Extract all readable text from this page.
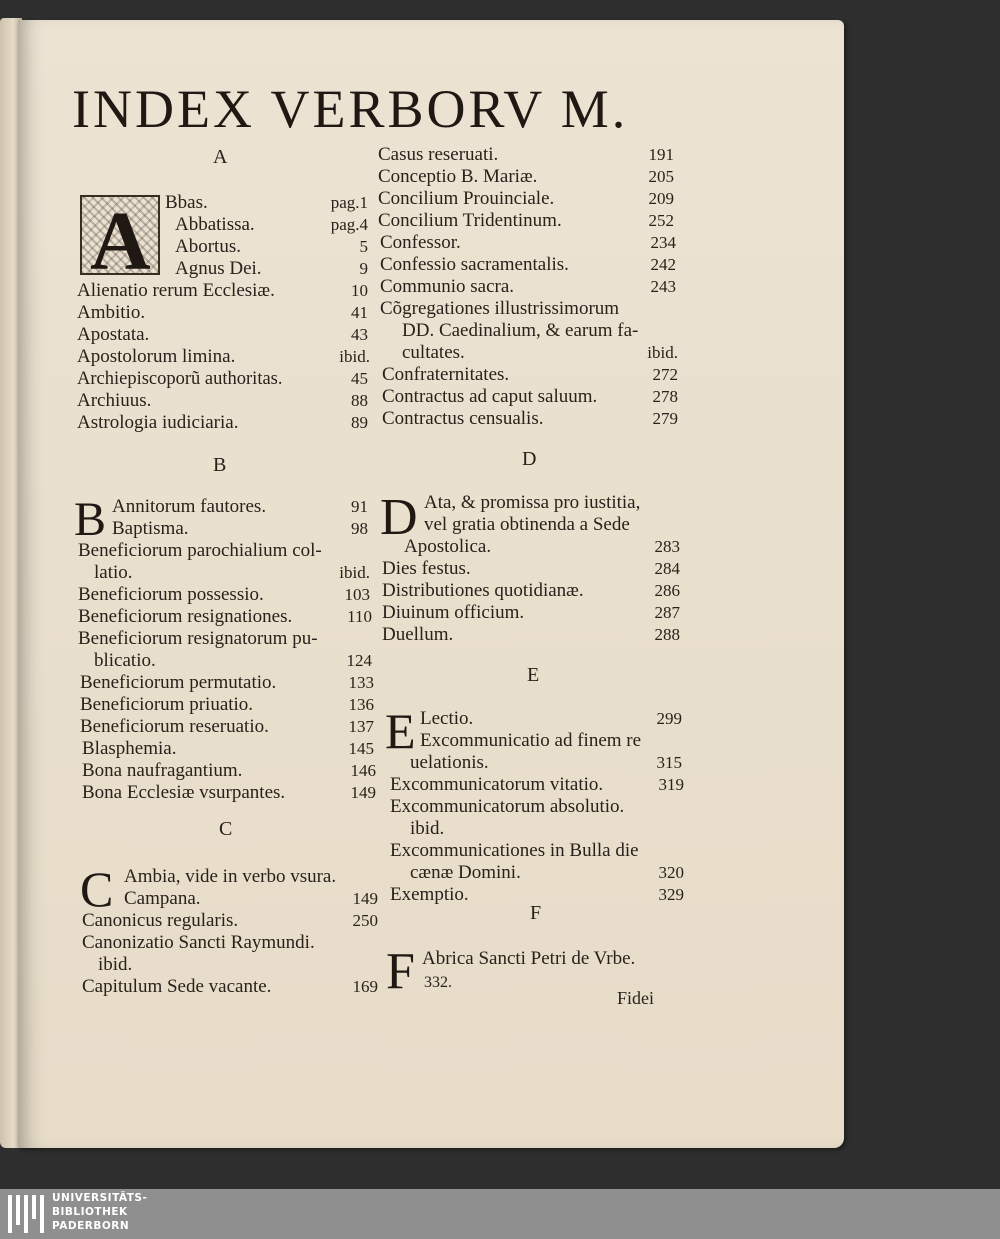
INDEX VERBORV M.
A
B
C
D
E
F
A
B
C
D
E
F
Bbas.	pag.1
Abbatissa.	pag.4
Abortus.	5
Agnus Dei.	9
Alienatio rerum Ecclesiæ.	10
Ambitio.	41
Apostata.	43
Apostolorum limina.	ibid.
Archiepiscoporũ authoritas.	45
Archiuus.	88
Astrologia iudiciaria.	89
Annitorum fautores.	91
Baptisma.	98
Beneficiorum parochialium col-
latio.	ibid.
Beneficiorum possessio.	103
Beneficiorum resignationes.	110
Beneficiorum resignatorum pu-
blicatio.	124
Beneficiorum permutatio.	133
Beneficiorum priuatio.	136
Beneficiorum reseruatio.	137
Blasphemia.	145
Bona naufragantium.	146
Bona Ecclesiæ vsurpantes.	149
Ambia, vide in verbo vsura.
Campana.	149
Canonicus regularis.	250
Canonizatio Sancti Raymundi.
ibid.
Capitulum Sede vacante.	169
Casus reseruati.	191
Conceptio B. Mariæ.	205
Concilium Prouinciale.	209
Concilium Tridentinum.	252
Confessor.	234
Confessio sacramentalis.	242
Communio sacra.	243
Cõgregationes illustrissimorum
DD. Caedinalium, & earum fa-
cultates.	ibid.
Confraternitates.	272
Contractus ad caput saluum.	278
Contractus censualis.	279
Ata, & promissa pro iustitia,
vel gratia obtinenda a Sede
Apostolica.	283
Dies festus.	284
Distributiones quotidianæ.	286
Diuinum officium.	287
Duellum.	288
Lectio.	299
Excommunicatio ad finem re
uelationis.	315
Excommunicatorum vitatio.	319
Excommunicatorum absolutio.
ibid.
Excommunicationes in Bulla die
cænæ Domini.	320
Exemptio.	329
Abrica Sancti Petri de Vrbe.
332.
Fidei
UNIVERSITÄTS-
BIBLIOTHEK
PADERBORN
